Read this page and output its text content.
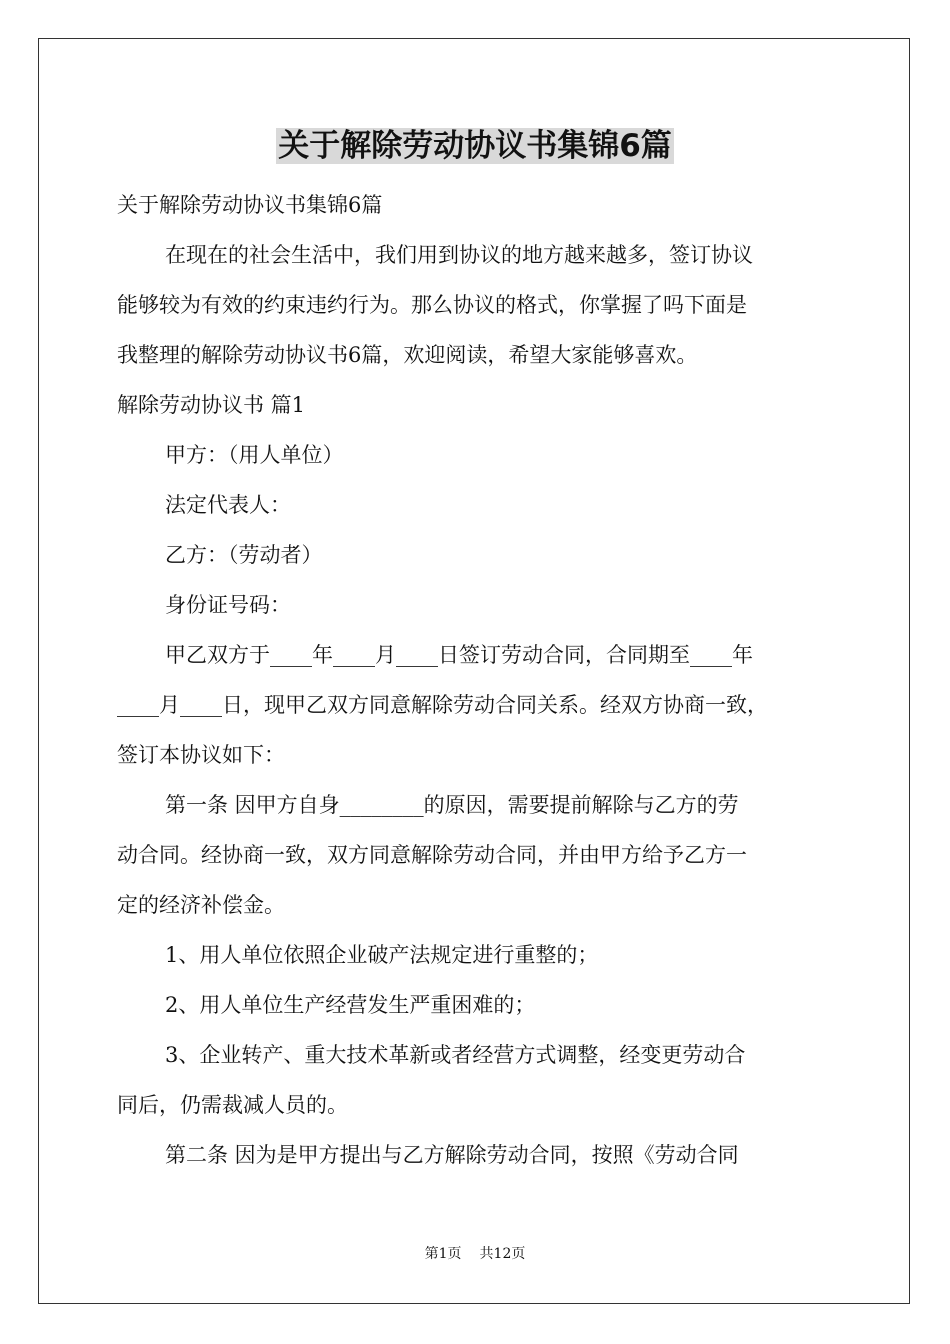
关于解除劳动协议书集锦6篇

关于解除劳动协议书集锦6篇

在现在的社会生活中，我们用到协议的地方越来越多，签订协议

能够较为有效的约束违约行为。那么协议的格式，你掌握了吗下面是

我整理的解除劳动协议书6篇，欢迎阅读，希望大家能够喜欢。

解除劳动协议书 篇1

甲方：（用人单位）

法定代表人：

乙方：（劳动者）

身份证号码：

甲乙双方于____年____月____日签订劳动合同，合同期至____年

____月____日，现甲乙双方同意解除劳动合同关系。经双方协商一致，

签订本协议如下：

第一条 因甲方自身________的原因，需要提前解除与乙方的劳

动合同。经协商一致，双方同意解除劳动合同，并由甲方给予乙方一

定的经济补偿金。

1、用人单位依照企业破产法规定进行重整的；

2、用人单位生产经营发生严重困难的；

3、企业转产、重大技术革新或者经营方式调整，经变更劳动合

同后，仍需裁减人员的。

第二条 因为是甲方提出与乙方解除劳动合同，按照《劳动合同

第1页 共12页
